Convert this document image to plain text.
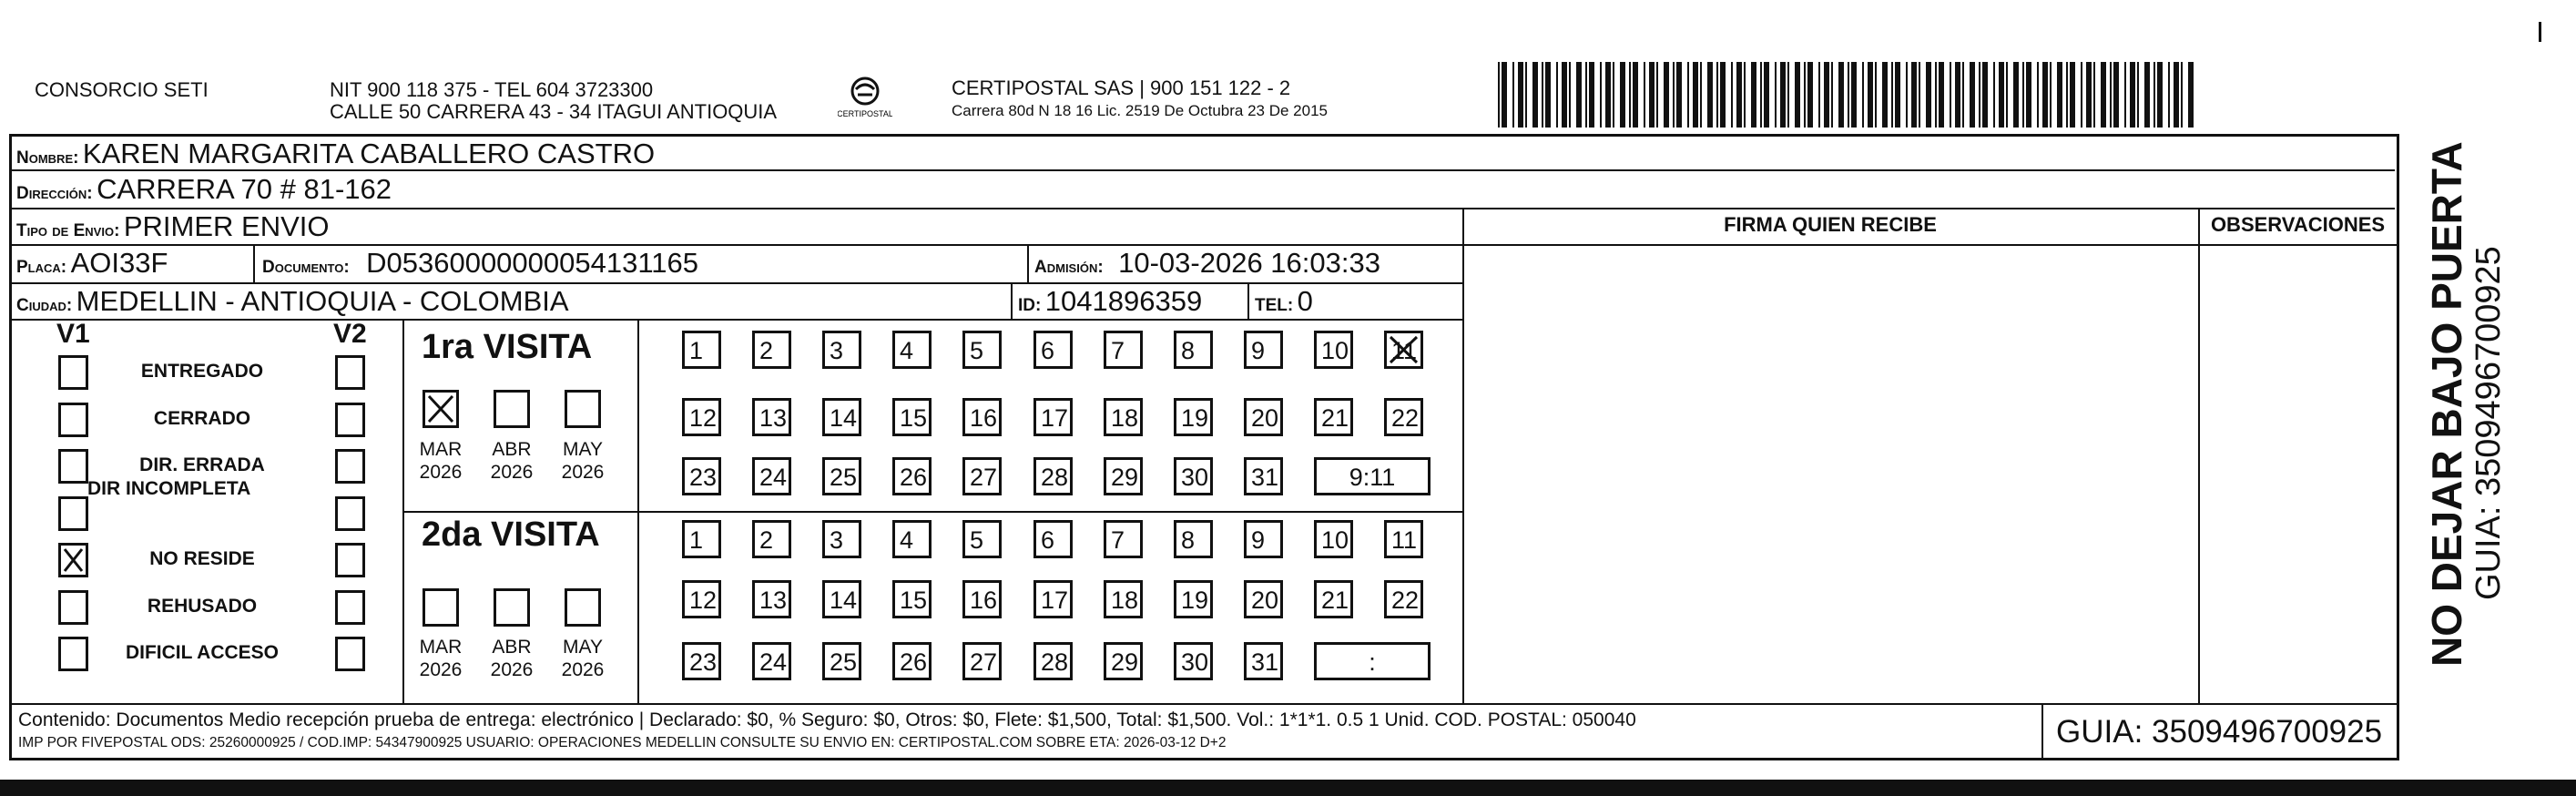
CONSORCIO SETI	NIT 900 118 375 - TEL 604 3723300
CALLE 50 CARRERA 43 - 34 ITAGUI ANTIOQUIA	CERTIPOSTAL
CERTIPOSTAL SAS | 900 151 122 - 2
Carrera 80d N 18 16 Lic. 2519 De Octubra 23 De 2015
Nombre: KAREN MARGARITA CABALLERO CASTRO
Dirección: CARRERA 70 # 81-162
Tipo de Envio: PRIMER ENVIO
Placa: AOI33F	Documento: D05360000000054131165	Admisión: 10-03-2026 16:03:33
Ciudad: MEDELLIN - ANTIOQUIA - COLOMBIA	ID: 1041896359	TEL: 0
FIRMA QUIEN RECIBE	OBSERVACIONES
V1	V2
ENTREGADO
CERRADO
DIR. ERRADA
DIR INCOMPLETA
NO RESIDE
REHUSADO
DIFICIL ACCESO
1ra VISITA
MAR
2026
ABR
2026
MAY
2026
1	2	3	4	5	6	7	8	9	10 11
12 13 14 15 16 17 18 19 20 21 22
23 24 25 26 27 28 29 30 31	9:11
2da VISITA
MAR
2026
ABR
2026
MAY
2026
1	2	3	4	5	6	7	8	9	10 11
12 13 14 15 16 17 18 19 20 21 22
23 24 25 26 27 28 29 30 31	:
Contenido: Documentos Medio recepción prueba de entrega: electrónico | Declarado: $0, % Seguro: $0, Otros: $0, Flete: $1,500, Total: $1,500. Vol.: 1*1*1. 0.5 1 Unid. COD. POSTAL: 050040
IMP POR FIVEPOSTAL ODS: 25260000925 / COD.IMP: 54347900925 USUARIO: OPERACIONES MEDELLIN CONSULTE SU ENVIO EN: CERTIPOSTAL.COM SOBRE ETA: 2026-03-12 D+2	GUIA: 3509496700925
NO DEJAR BAJO PUERTA GUIA: 3509496700925
